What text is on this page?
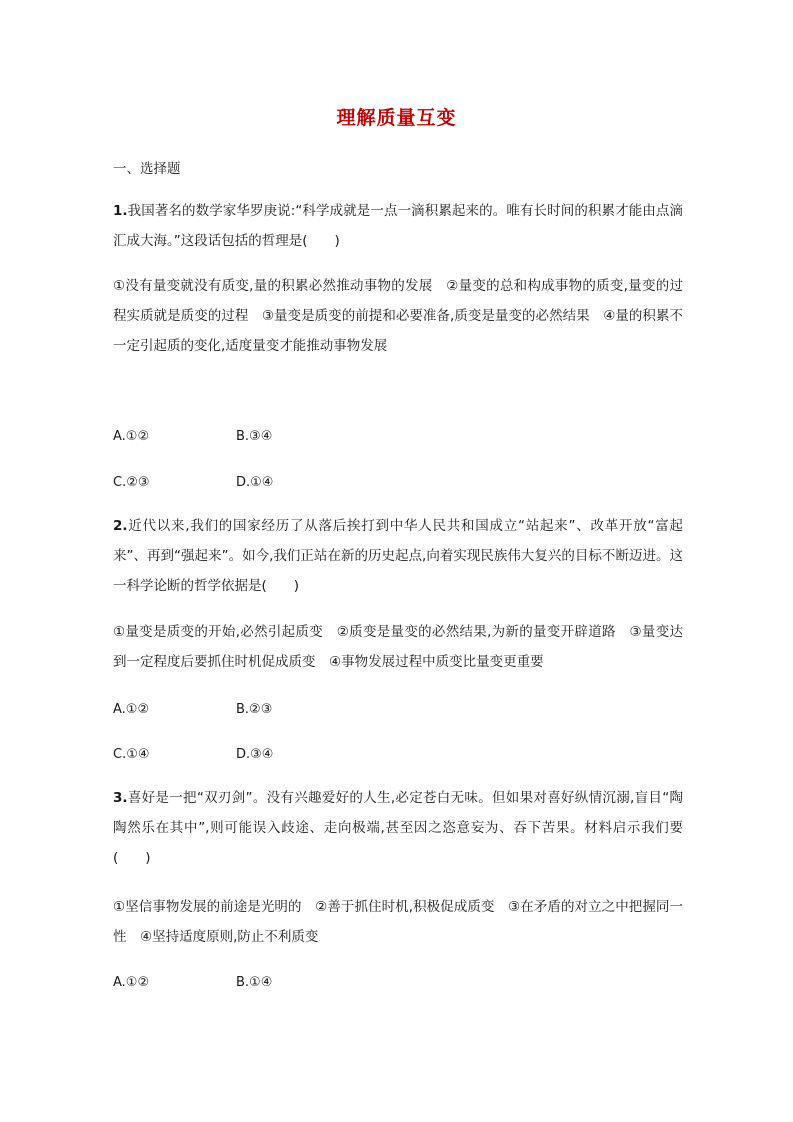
理解质量互变
一、选择题
1.我国著名的数学家华罗庚说:“科学成就是一点一滴积累起来的。唯有长时间的积累才能由点滴汇成大海。”这段话包括的哲理是(　　)
①没有量变就没有质变,量的积累必然推动事物的发展　②量变的总和构成事物的质变,量变的过程实质就是质变的过程　③量变是质变的前提和必要准备,质变是量变的必然结果　④量的积累不一定引起质的变化,适度量变才能推动事物发展
A.①②	B.③④
C.②③	D.①④
2.近代以来,我们的国家经历了从落后挨打到中华人民共和国成立“站起来”、改革开放“富起来”、再到“强起来”。如今,我们正站在新的历史起点,向着实现民族伟大复兴的目标不断迈进。这一科学论断的哲学依据是(　　)
①量变是质变的开始,必然引起质变　②质变是量变的必然结果,为新的量变开辟道路　③量变达到一定程度后要抓住时机促成质变　④事物发展过程中质变比量变更重要
A.①②	B.②③
C.①④	D.③④
3.喜好是一把“双刃剑”。没有兴趣爱好的人生,必定苍白无味。但如果对喜好纵情沉溺,盲目“陶陶然乐在其中”,则可能误入歧途、走向极端,甚至因之恣意妄为、吞下苦果。材料启示我们要(　　)
①坚信事物发展的前途是光明的　②善于抓住时机,积极促成质变　③在矛盾的对立之中把握同一性　④坚持适度原则,防止不利质变
A.①②	B.①④
